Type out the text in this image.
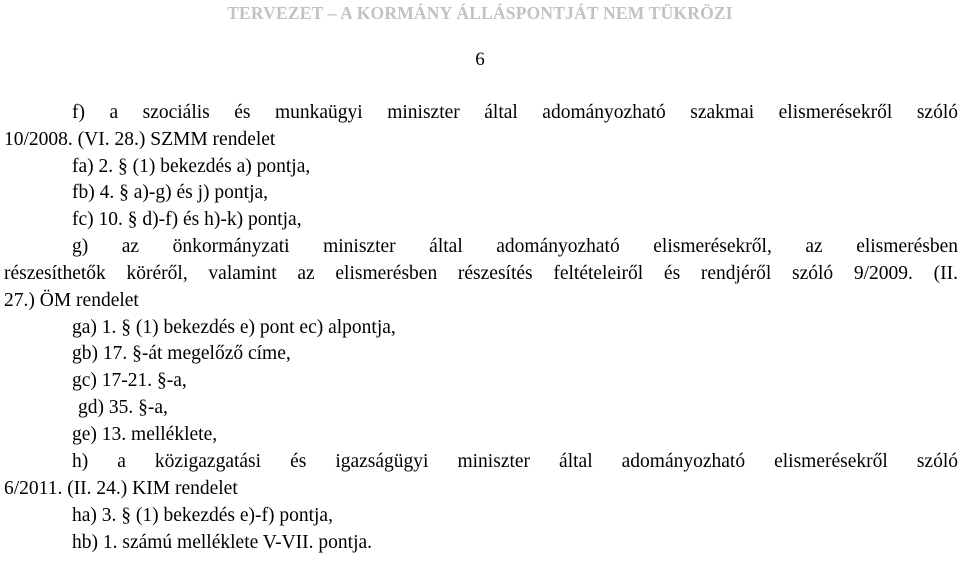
TERVEZET – A KORMÁNY ÁLLÁSPONTJÁT NEM TÜKRÖZI
6
f) a szociális és munkaügyi miniszter által adományozható szakmai elismerésekről szóló
10/2008. (VI. 28.) SZMM rendelet
fa) 2. § (1) bekezdés a) pontja,
fb) 4. § a)-g) és j) pontja,
fc) 10. § d)-f) és h)-k) pontja,
g) az önkormányzati miniszter által adományozható elismerésekről, az elismerésben
részesíthetők köréről, valamint az elismerésben részesítés feltételeiről és rendjéről szóló 9/2009. (II.
27.) ÖM rendelet
ga) 1. § (1) bekezdés e) pont ec) alpontja,
gb) 17. §-át megelőző címe,
gc) 17-21. §-a,
gd) 35. §-a,
ge) 13. melléklete,
h) a közigazgatási és igazságügyi miniszter által adományozható elismerésekről szóló
6/2011. (II. 24.) KIM rendelet
ha) 3. § (1) bekezdés e)-f) pontja,
hb) 1. számú melléklete V-VII. pontja.
